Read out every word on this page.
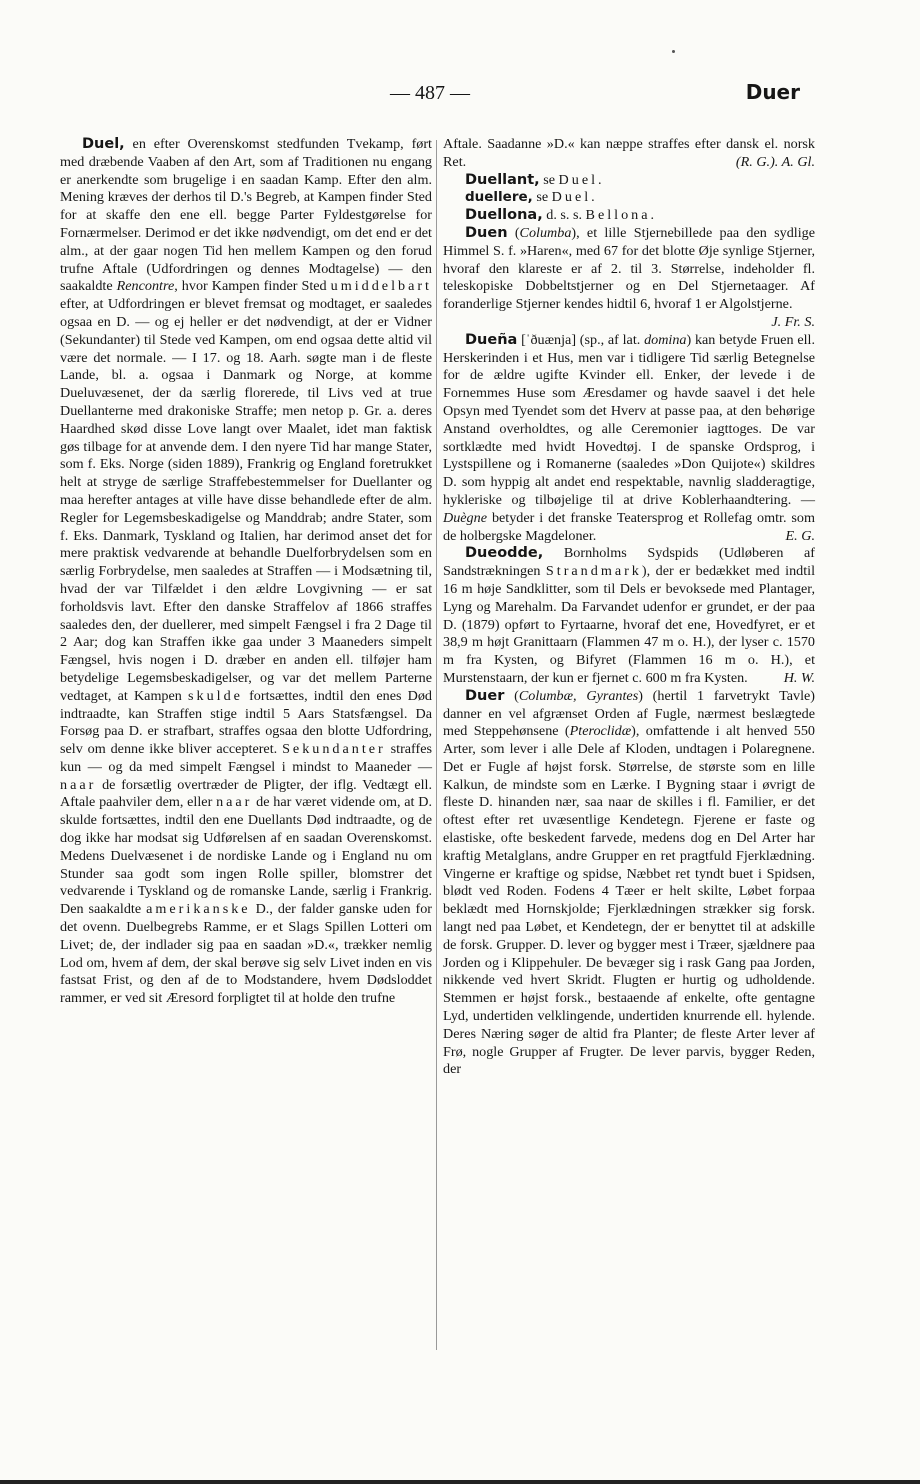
— 487 —	Duer

Duel, en efter Overenskomst stedfunden Tvekamp, ført med dræbende Vaaben af den Art, som af Traditionen nu engang er anerkendte som brugelige i en saadan Kamp. Efter den alm. Mening kræves der derhos til D.'s Begreb, at Kampen finder Sted for at skaffe den ene ell. begge Parter Fyldestgørelse for Fornærmelser. Derimod er det ikke nødvendigt, om det end er det alm., at der gaar nogen Tid hen mellem Kampen og den forud trufne Aftale (Udfordringen og dennes Modtagelse) — den saakaldte Rencontre, hvor Kampen finder Sted umiddelbart efter, at Udfordringen er blevet fremsat og modtaget, er saaledes ogsaa en D. — og ej heller er det nødvendigt, at der er Vidner (Sekundanter) til Stede ved Kampen, om end ogsaa dette altid vil være det normale. — I 17. og 18. Aarh. søgte man i de fleste Lande, bl. a. ogsaa i Danmark og Norge, at komme Dueluvæsenet, der da særlig florerede, til Livs ved at true Duellanterne med drakoniske Straffe; men netop p. Gr. a. deres Haardhed skød disse Love langt over Maalet, idet man faktisk gøs tilbage for at anvende dem. I den nyere Tid har mange Stater, som f. Eks. Norge (siden 1889), Frankrig og England foretrukket helt at stryge de særlige Straffebestemmelser for Duellanter og maa herefter antages at ville have disse behandlede efter de alm. Regler for Legemsbeskadigelse og Manddrab; andre Stater, som f. Eks. Danmark, Tyskland og Italien, har derimod anset det for mere praktisk vedvarende at behandle Duelforbrydelsen som en særlig Forbrydelse, men saaledes at Straffen — i Modsætning til, hvad der var Tilfældet i den ældre Lovgivning — er sat forholdsvis lavt. Efter den danske Straffelov af 1866 straffes saaledes den, der duellerer, med simpelt Fængsel i fra 2 Dage til 2 Aar; dog kan Straffen ikke gaa under 3 Maaneders simpelt Fængsel, hvis nogen i D. dræber en anden ell. tilføjer ham betydelige Legemsbeskadigelser, og var det mellem Parterne vedtaget, at Kampen skulde fortsættes, indtil den enes Død indtraadte, kan Straffen stige indtil 5 Aars Statsfængsel. Da Forsøg paa D. er strafbart, straffes ogsaa den blotte Udfordring, selv om denne ikke bliver accepteret. Sekundanter straffes kun — og da med simpelt Fængsel i mindst to Maaneder — naar de forsætlig overtræder de Pligter, der iflg. Vedtægt ell. Aftale paahviler dem, eller naar de har været vidende om, at D. skulde fortsættes, indtil den ene Duellants Død indtraadte, og de dog ikke har modsat sig Udførelsen af en saadan Overenskomst. Medens Duelvæsenet i de nordiske Lande og i England nu om Stunder saa godt som ingen Rolle spiller, blomstrer det vedvarende i Tyskland og de romanske Lande, særlig i Frankrig. Den saakaldte amerikanske D., der falder ganske uden for det ovenn. Duelbegrebs Ramme, er et Slags Spillen Lotteri om Livet; de, der indlader sig paa en saadan »D.«, trækker nemlig Lod om, hvem af dem, der skal berøve sig selv Livet inden en vis fastsat Frist, og den af de to Modstandere, hvem Dødsloddet rammer, er ved sit Æresord forpligtet til at holde den trufne

Aftale. Saadanne »D.« kan næppe straffes efter dansk el. norsk Ret.	(R. G.). A. Gl.

Duellant, se Duel.

duellere, se Duel.

Duellona, d. s. s. Bellona.

Duen (Columba), et lille Stjernebillede paa den sydlige Himmel S. f. »Haren«, med 67 for det blotte Øje synlige Stjerner, hvoraf den klareste er af 2. til 3. Størrelse, indeholder fl. teleskopiske Dobbeltstjerner og en Del Stjernetaager. Af foranderlige Stjerner kendes hidtil 6, hvoraf 1 er Algolstjerne.
J. Fr. S.

Dueña [ˈðuænja] (sp., af lat. domina) kan betyde Fruen ell. Herskerinden i et Hus, men var i tidligere Tid særlig Betegnelse for de ældre ugifte Kvinder ell. Enker, der levede i de Fornemmes Huse som Æresdamer og havde saavel i det hele Opsyn med Tyendet som det Hverv at passe paa, at den behørige Anstand overholdtes, og alle Ceremonier iagttoges. De var sortklædte med hvidt Hovedtøj. I de spanske Ordsprog, i Lystspillene og i Romanerne (saaledes »Don Quijote«) skildres D. som hyppig alt andet end respektable, navnlig sladderagtige, hykleriske og tilbøjelige til at drive Koblerhaandtering. — Duègne betyder i det franske Teatersprog et Rollefag omtr. som de holbergske Magdeloner.	E. G.

Dueodde, Bornholms Sydspids (Udløberen af Sandstrækningen Strandmark), der er bedækket med indtil 16 m høje Sandklitter, som til Dels er bevoksede med Plantager, Lyng og Marehalm. Da Farvandet udenfor er grundet, er der paa D. (1879) opført to Fyrtaarne, hvoraf det ene, Hovedfyret, er et 38,9 m højt Granittaarn (Flammen 47 m o. H.), der lyser c. 1570 m fra Kysten, og Bifyret (Flammen 16 m o. H.), et Murstenstaarn, der kun er fjernet c. 600 m fra Kysten.	H. W.

Duer (Columbæ, Gyrantes) (hertil 1 farvetrykt Tavle) danner en vel afgrænset Orden af Fugle, nærmest beslægtede med Steppehønsene (Pteroclidæ), omfattende i alt henved 550 Arter, som lever i alle Dele af Kloden, undtagen i Polaregnene. Det er Fugle af højst forsk. Størrelse, de største som en lille Kalkun, de mindste som en Lærke. I Bygning staar i øvrigt de fleste D. hinanden nær, saa naar de skilles i fl. Familier, er det oftest efter ret uvæsentlige Kendetegn. Fjerene er faste og elastiske, ofte beskedent farvede, medens dog en Del Arter har kraftig Metalglans, andre Grupper en ret pragtfuld Fjerklædning. Vingerne er kraftige og spidse, Næbbet ret tyndt buet i Spidsen, blødt ved Roden. Fodens 4 Tæer er helt skilte, Løbet forpaa beklædt med Hornskjolde; Fjerklædningen strækker sig forsk. langt ned paa Løbet, et Kendetegn, der er benyttet til at adskille de forsk. Grupper. D. lever og bygger mest i Træer, sjældnere paa Jorden og i Klippehuler. De bevæger sig i rask Gang paa Jorden, nikkende ved hvert Skridt. Flugten er hurtig og udholdende. Stemmen er højst forsk., bestaaende af enkelte, ofte gentagne Lyd, undertiden velklingende, undertiden knurrende ell. hylende. Deres Næring søger de altid fra Planter; de fleste Arter lever af Frø, nogle Grupper af Frugter. De lever parvis, bygger Reden, der
